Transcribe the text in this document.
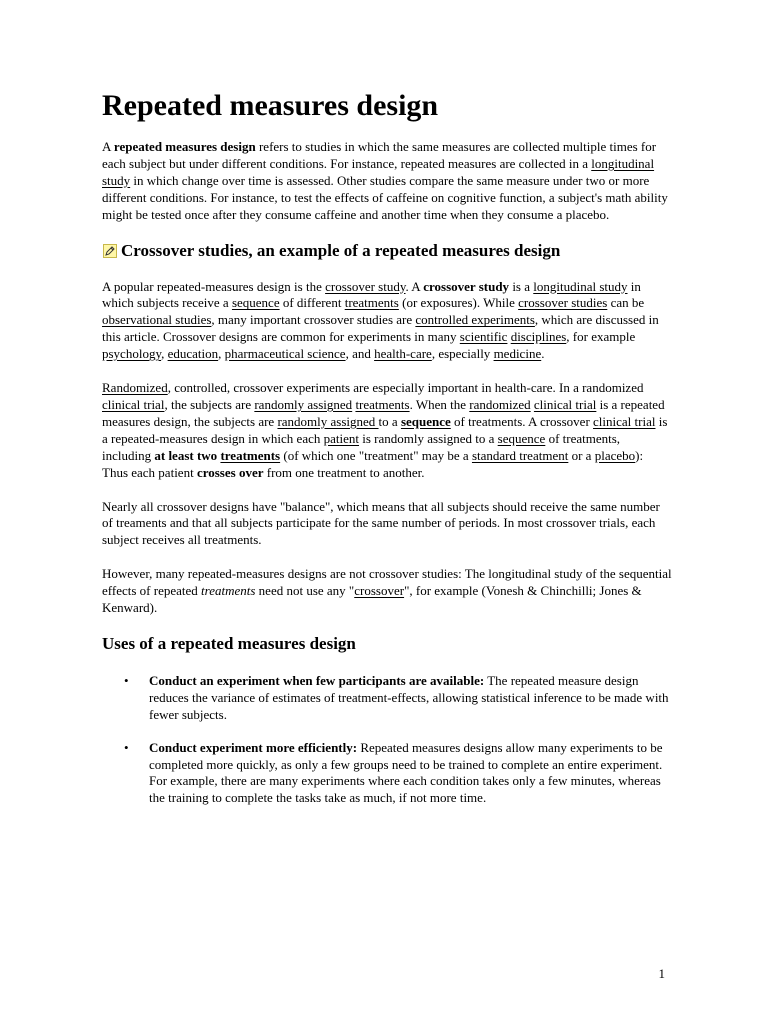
Repeated measures design

A repeated measures design refers to studies in which the same measures are collected multiple times for each subject but under different conditions. For instance, repeated measures are collected in a longitudinal study in which change over time is assessed. Other studies compare the same measure under two or more different conditions. For instance, to test the effects of caffeine on cognitive function, a subject's math ability might be tested once after they consume caffeine and another time when they consume a placebo.

Crossover studies, an example of a repeated measures design

A popular repeated-measures design is the crossover study. A crossover study is a longitudinal study in which subjects receive a sequence of different treatments (or exposures). While crossover studies can be observational studies, many important crossover studies are controlled experiments, which are discussed in this article. Crossover designs are common for experiments in many scientific disciplines, for example psychology, education, pharmaceutical science, and health-care, especially medicine.

Randomized, controlled, crossover experiments are especially important in health-care. In a randomized clinical trial, the subjects are randomly assigned treatments. When the randomized clinical trial is a repeated measures design, the subjects are randomly assigned to a sequence of treatments. A crossover clinical trial is a repeated-measures design in which each patient is randomly assigned to a sequence of treatments, including at least two treatments (of which one "treatment" may be a standard treatment or a placebo): Thus each patient crosses over from one treatment to another.

Nearly all crossover designs have "balance", which means that all subjects should receive the same number of treaments and that all subjects participate for the same number of periods. In most crossover trials, each subject receives all treatments.

However, many repeated-measures designs are not crossover studies: The longitudinal study of the sequential effects of repeated treatments need not use any "crossover", for example (Vonesh & Chinchilli; Jones & Kenward).

Uses of a repeated measures design
• Conduct an experiment when few participants are available: The repeated measure design reduces the variance of estimates of treatment-effects, allowing statistical inference to be made with fewer subjects.
• Conduct experiment more efficiently: Repeated measures designs allow many experiments to be completed more quickly, as only a few groups need to be trained to complete an entire experiment. For example, there are many experiments where each condition takes only a few minutes, whereas the training to complete the tasks take as much, if not more time.
1
